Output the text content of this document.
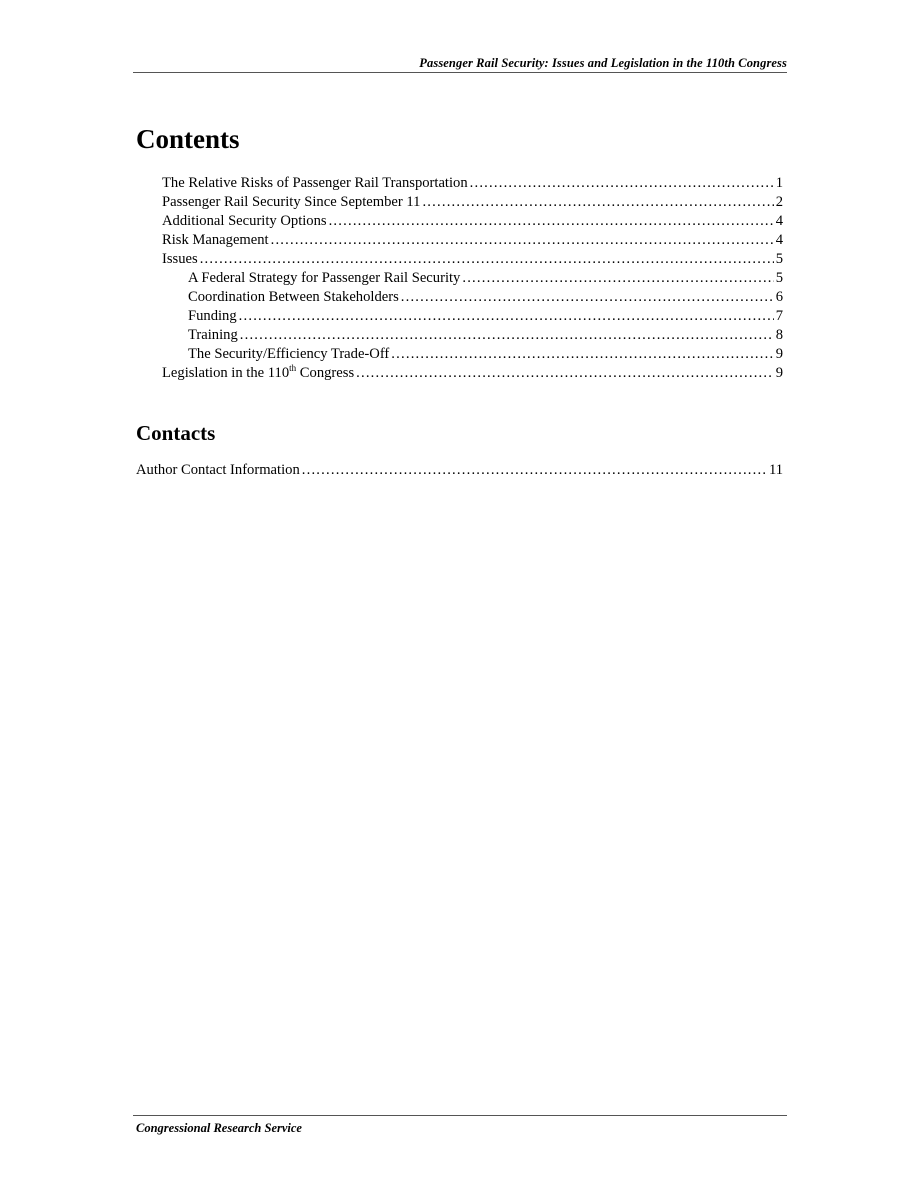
Passenger Rail Security: Issues and Legislation in the 110th Congress
Contents
The Relative Risks of Passenger Rail Transportation .....	1
Passenger Rail Security Since September 11 .....	2
Additional Security Options .....	4
Risk Management .....	4
Issues .....	5
A Federal Strategy for Passenger Rail Security .....	5
Coordination Between Stakeholders .....	6
Funding .....	7
Training .....	8
The Security/Efficiency Trade-Off .....	9
Legislation in the 110th Congress .....	9
Contacts
Author Contact Information .....	11
Congressional Research Service
